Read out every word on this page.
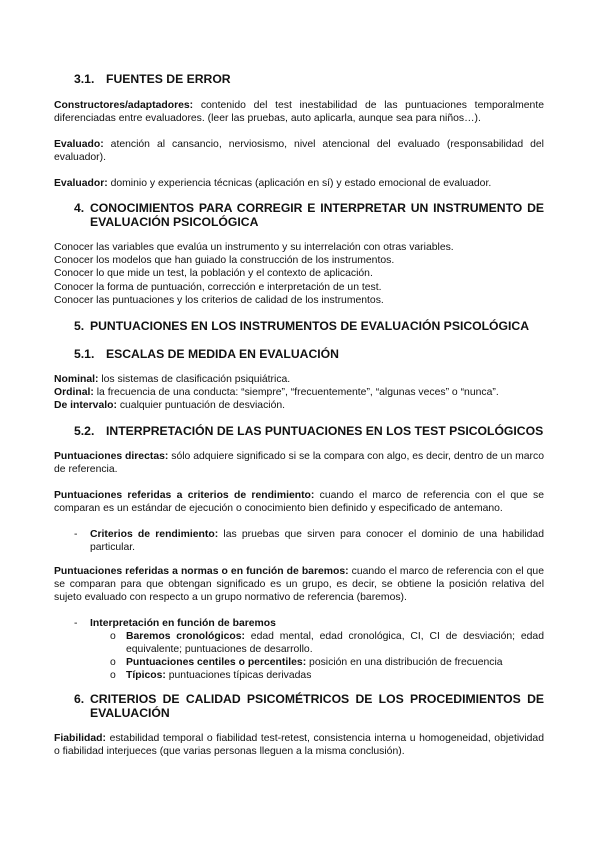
3.1. FUENTES DE ERROR
Constructores/adaptadores: contenido del test inestabilidad de las puntuaciones temporalmente diferenciadas entre evaluadores. (leer las pruebas, auto aplicarla, aunque sea para niños…).
Evaluado: atención al cansancio, nerviosismo, nivel atencional del evaluado (responsabilidad del evaluador).
Evaluador: dominio y experiencia técnicas (aplicación en sí) y estado emocional de evaluador.
4. CONOCIMIENTOS PARA CORREGIR E INTERPRETAR UN INSTRUMENTO DE
EVALUACIÓN PSICOLÓGICA
Conocer las variables que evalúa un instrumento y su interrelación con otras variables.
Conocer los modelos que han guiado la construcción de los instrumentos.
Conocer lo que mide un test, la población y el contexto de aplicación.
Conocer la forma de puntuación, corrección e interpretación de un test.
Conocer las puntuaciones y los criterios de calidad de los instrumentos.
5. PUNTUACIONES EN LOS INSTRUMENTOS DE EVALUACIÓN PSICOLÓGICA
5.1. ESCALAS DE MEDIDA EN EVALUACIÓN
Nominal: los sistemas de clasificación psiquiátrica.
Ordinal: la frecuencia de una conducta: “siempre”, “frecuentemente”, “algunas veces” o “nunca”.
De intervalo: cualquier puntuación de desviación.
5.2. INTERPRETACIÓN DE LAS PUNTUACIONES EN LOS TEST PSICOLÓGICOS
Puntuaciones directas: sólo adquiere significado si se la compara con algo, es decir, dentro de un marco de referencia.
Puntuaciones referidas a criterios de rendimiento: cuando el marco de referencia con el que se comparan es un estándar de ejecución o conocimiento bien definido y especificado de antemano.
- Criterios de rendimiento: las pruebas que sirven para conocer el dominio de una habilidad particular.
Puntuaciones referidas a normas o en función de baremos: cuando el marco de referencia con el que se comparan para que obtengan significado es un grupo, es decir, se obtiene la posición relativa del sujeto evaluado con respecto a un grupo normativo de referencia (baremos).
- Interpretación en función de baremos
o Baremos cronológicos: edad mental, edad cronológica, CI, CI de desviación; edad equivalente; puntuaciones de desarrollo.
o Puntuaciones centiles o percentiles: posición en una distribución de frecuencia
o Típicos: puntuaciones típicas derivadas
6. CRITERIOS DE CALIDAD PSICOMÉTRICOS DE LOS PROCEDIMIENTOS DE
EVALUACIÓN
Fiabilidad: estabilidad temporal o fiabilidad test-retest, consistencia interna u homogeneidad, objetividad o fiabilidad interjueces (que varias personas lleguen a la misma conclusión).
